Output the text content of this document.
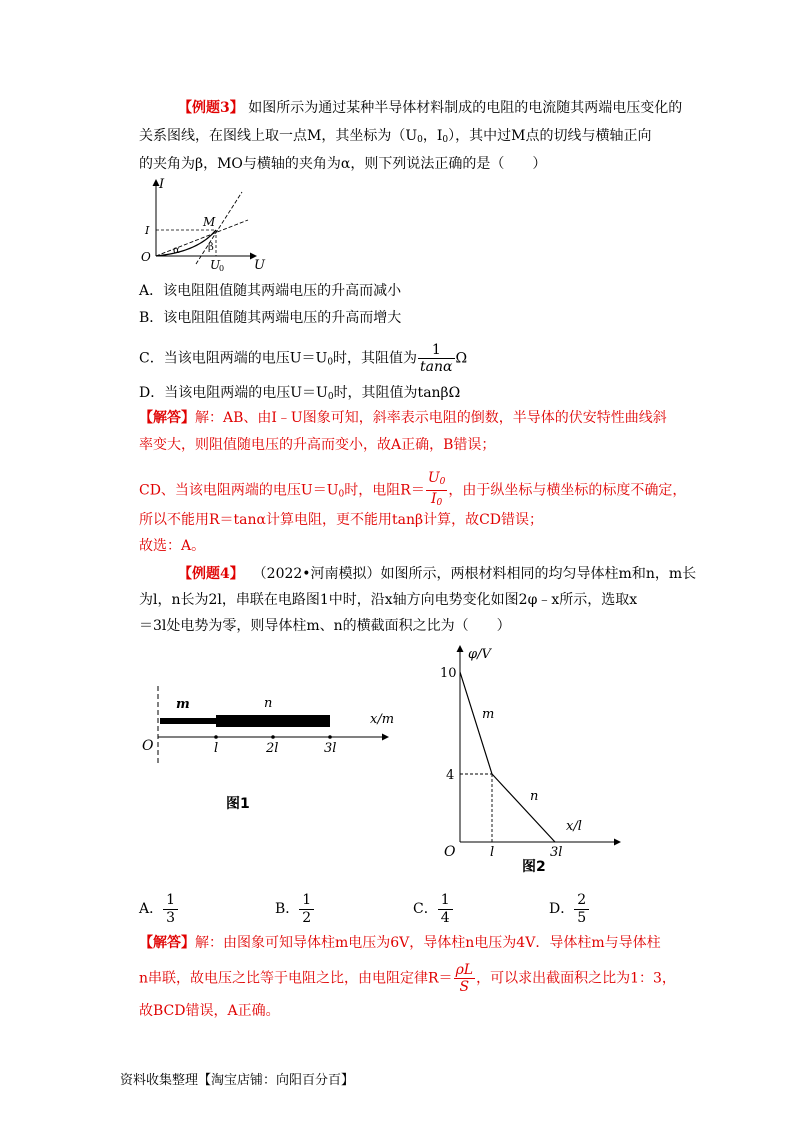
【例题3】 如图所示为通过某种半导体材料制成的电阻的电流随其两端电压变化的
关系图线，在图线上取一点M，其坐标为（$U_0$，$I_0$），其中过M点的切线与横轴正向
的夹角为β，MO与横轴的夹角为α，则下列说法正确的是（　　）
I
M
I
O
U
0 U
α	β
A．该电阻阻值随其两端电压的升高而减小
B．该电阻阻值随其两端电压的升高而增大
C．当该电阻两端的电压$U=U_0$时，其阻值为 $\frac{1}{\tan\alpha}$ Ω
D．当该电阻两端的电压$U=U_0$时，其阻值为tanβΩ
【解答】解：AB、由I﹣U图象可知，斜率表示电阻的倒数，半导体的伏安特性曲线斜
率变大，则阻值随电压的升高而变小，故A正确，B错误；
CD、当该电阻两端的电压$U=U_0$时，电阻$R= \frac{U_0}{I_0}$ ，由于纵坐标与横坐标的标度不确定，
所以不能用R＝tanα计算电阻，更不能用tanβ计算，故CD错误；
故选：A。
【例题4】 （2022•河南模拟）如图所示，两根材料相同的均匀导体柱m和n，m长
为l，n长为2l，串联在电路图1中时，沿x轴方向电势变化如图2φ﹣x所示，选取x
＝3l处电势为零，则导体柱m、n的横截面积之比为（　　）
m	n
x/m
O	l	2l	3l
图1
φ/V
10
4
m
n
x/l
O	l	3l
图2
A． $\frac{1}{3}$	B． $\frac{1}{2}$	C． $\frac{1}{4}$	D． $\frac{2}{5}$
【解答】解：由图象可知导体柱m电压为6V，导体柱n电压为4V．导体柱m与导体柱
n串联，故电压之比等于电阻之比，由电阻定律$R= \frac{\rho L}{S}$ ，可以求出截面积之比为1：3，
故BCD错误，A正确。
资料收集整理【淘宝店铺：向阳百分百】
